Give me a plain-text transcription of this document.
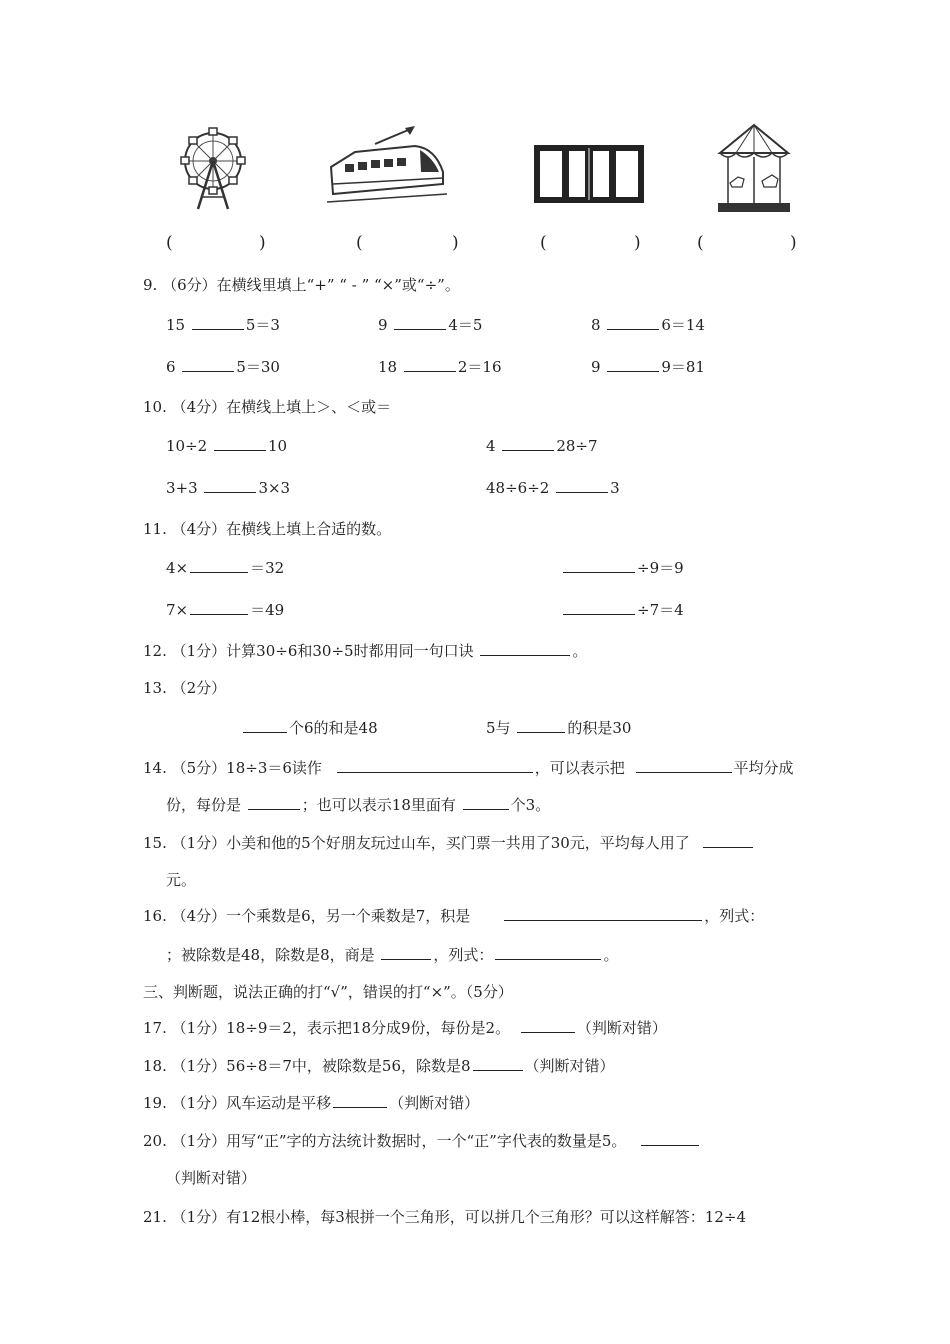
(	)	(	)	(	)	(	)
9. （6分）在横线里填上“+” “ - ” “×”或“÷”。
15	5＝3	9	4＝5	8	6＝14
6	5＝30	18	2＝16	9	9＝81
10. （4分）在横线上填上＞、＜或＝
10÷2	10	4	28÷7
3+3	3×3	48÷6÷2	3
11. （4分）在横线上填上合适的数。
4×	＝32	÷9＝9
7×	＝49	÷7＝4
12. （1分）计算30÷6和30÷5时都用同一句口诀	。
13. （2分）
个6的和是48	5与	的积是30
14. （5分）18÷3＝6读作	，可以表示把	平均分成
份，每份是	；也可以表示18里面有	个3。
15. （1分）小美和他的5个好朋友玩过山车，买门票一共用了30元，平均每人用了
元。
16. （4分）一个乘数是6，另一个乘数是7，积是	，列式：
；被除数是48，除数是8，商是	，列式：	。
三、判断题，说法正确的打“√”，错误的打“×”。（5分）
17. （1分）18÷9＝2，表示把18分成9份，每份是2。	（判断对错）
18. （1分）56÷8＝7中，被除数是56，除数是8	（判断对错）
19. （1分）风车运动是平移	（判断对错）
20. （1分）用写“正”字的方法统计数据时，一个“正”字代表的数量是5。
（判断对错）
21. （1分）有12根小棒，每3根拼一个三角形，可以拼几个三角形？可以这样解答：12÷4
